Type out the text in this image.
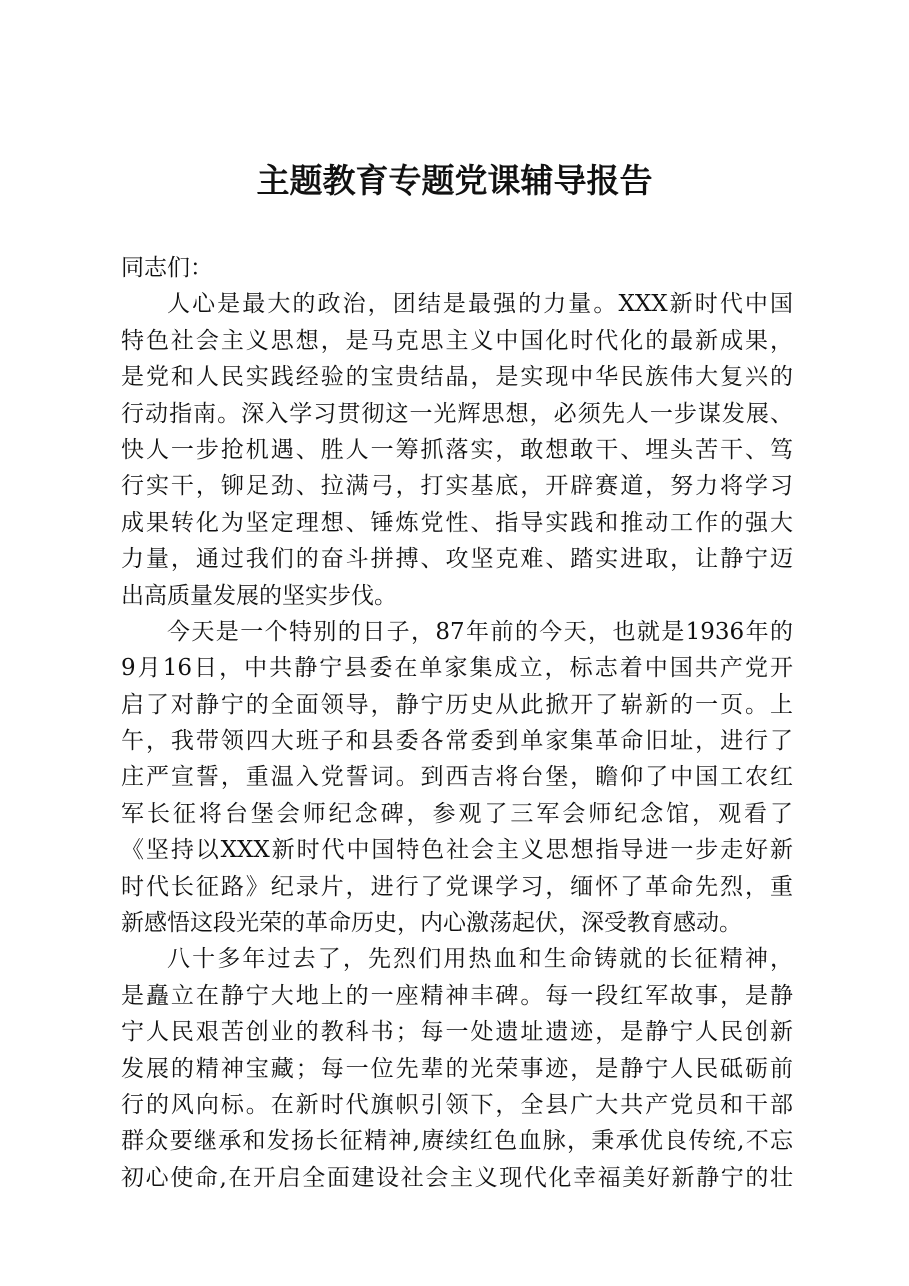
主题教育专题党课辅导报告
同志们：
人心是最大的政治，团结是最强的力量。XXX新时代中国
特色社会主义思想，是马克思主义中国化时代化的最新成果，
是党和人民实践经验的宝贵结晶，是实现中华民族伟大复兴的
行动指南。深入学习贯彻这一光辉思想，必须先人一步谋发展、
快人一步抢机遇、胜人一筹抓落实，敢想敢干、埋头苦干、笃
行实干，铆足劲、拉满弓，打实基底，开辟赛道，努力将学习
成果转化为坚定理想、锤炼党性、指导实践和推动工作的强大
力量，通过我们的奋斗拼搏、攻坚克难、踏实进取，让静宁迈
出高质量发展的坚实步伐。
今天是一个特别的日子，87年前的今天，也就是1936年的
9月16日，中共静宁县委在单家集成立，标志着中国共产党开
启了对静宁的全面领导，静宁历史从此掀开了崭新的一页。上
午，我带领四大班子和县委各常委到单家集革命旧址，进行了
庄严宣誓，重温入党誓词。到西吉将台堡，瞻仰了中国工农红
军长征将台堡会师纪念碑，参观了三军会师纪念馆，观看了
《坚持以XXX新时代中国特色社会主义思想指导进一步走好新
时代长征路》纪录片，进行了党课学习，缅怀了革命先烈，重
新感悟这段光荣的革命历史，内心激荡起伏，深受教育感动。
八十多年过去了，先烈们用热血和生命铸就的长征精神，
是矗立在静宁大地上的一座精神丰碑。每一段红军故事，是静
宁人民艰苦创业的教科书；每一处遗址遗迹，是静宁人民创新
发展的精神宝藏；每一位先辈的光荣事迹，是静宁人民砥砺前
行的风向标。在新时代旗帜引领下，全县广大共产党员和干部
群众要继承和发扬长征精神,赓续红色血脉，秉承优良传统,不忘
初心使命,在开启全面建设社会主义现代化幸福美好新静宁的壮
